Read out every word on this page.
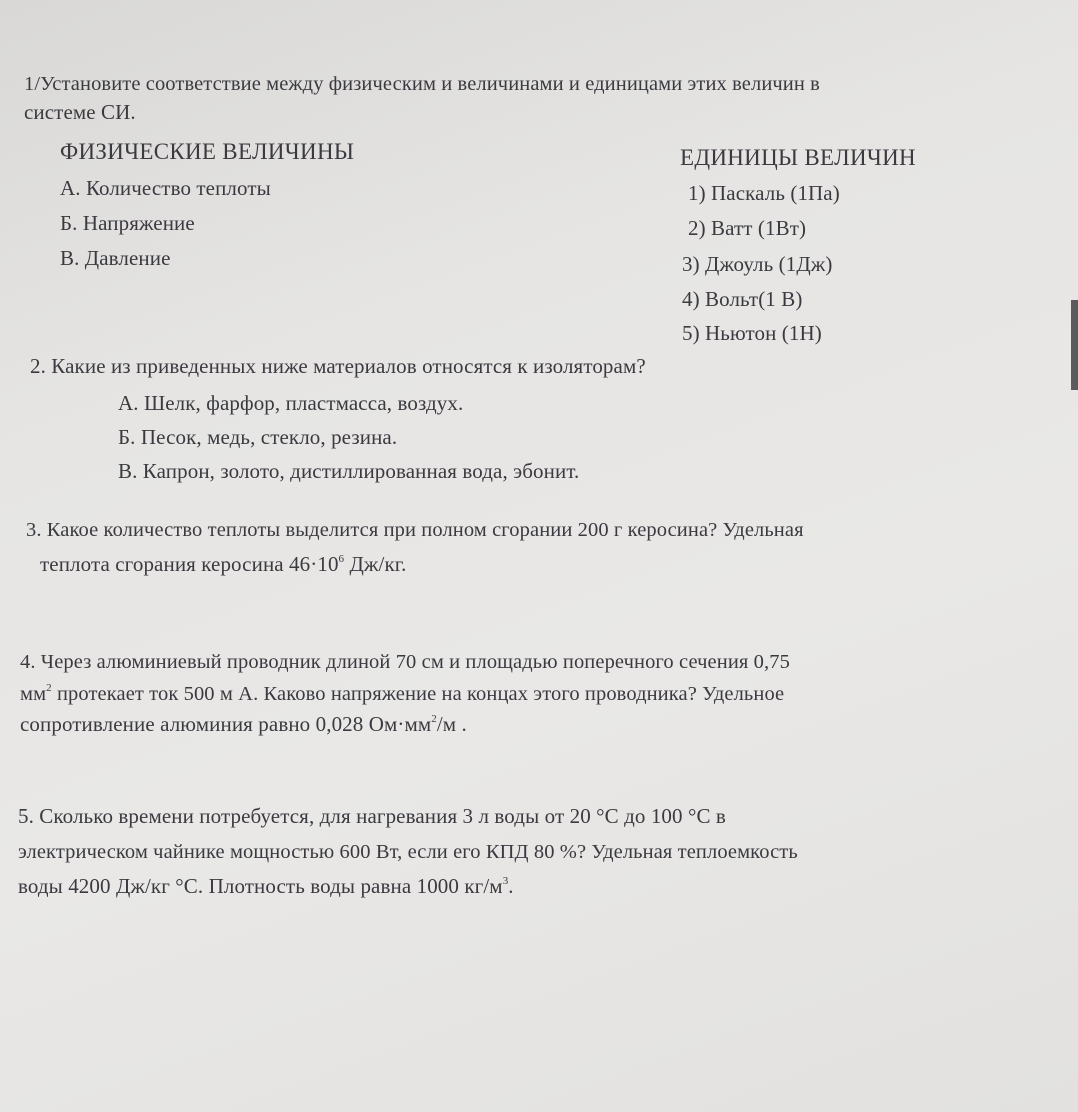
1/Установите соответствие между физическим и величинами и единицами этих величин в
системе СИ.
ФИЗИЧЕСКИЕ ВЕЛИЧИНЫ	ЕДИНИЦЫ ВЕЛИЧИН
А. Количество теплоты
Б. Напряжение
В. Давление
1) Паскаль (1Па)
2) Ватт (1Вт)
3) Джоуль (1Дж)
4) Вольт(1 В)
5) Ньютон (1Н)
2. Какие из приведенных ниже материалов относятся к изоляторам?
А. Шелк, фарфор, пластмасса, воздух.
Б. Песок, медь, стекло, резина.
В. Капрон, золото, дистиллированная вода, эбонит.
3. Какое количество теплоты выделится при полном сгорании 200 г керосина? Удельная
теплота сгорания керосина $46\cdot 10^6$ Дж/кг.
4. Через алюминиевый проводник длиной 70 см и площадью поперечного сечения 0,75
$мм^2$ протекает ток 500 м А. Каково напряжение на концах этого проводника? Удельное
сопротивление алюминия равно 0,028 $Ом\cdot мм^2/м$ .
5. Сколько времени потребуется, для нагревания 3 л воды от 20 °С до 100 °С в
электрическом чайнике мощностью 600 Вт, если его КПД 80 %? Удельная теплоемкость
воды 4200 Дж/кг °С. Плотность воды равна 1000 $кг/м^3$.
